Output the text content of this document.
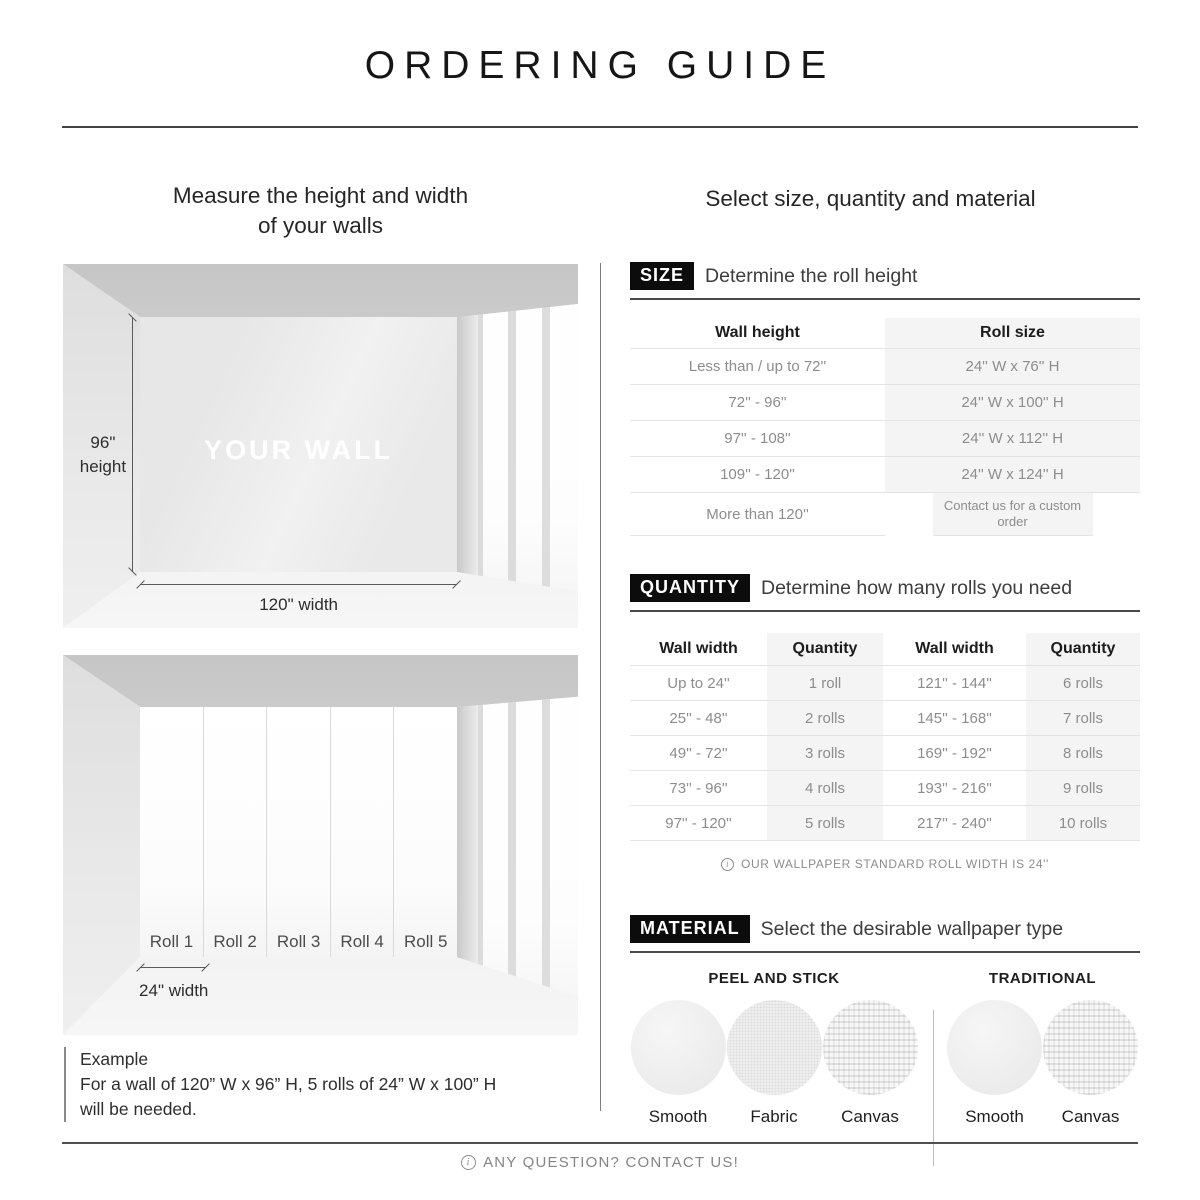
ORDERING GUIDE
Measure the height and width
of your walls
Select size, quantity and material
96"
height
YOUR WALL
120" width
Roll 1	Roll 2	Roll 3	Roll 4	Roll 5
24" width
Example
For a wall of 120” W x 96” H, 5 rolls of 24” W x 100” H
will be needed.
SIZE	Determine the roll height
Wall height	Roll size
Less than / up to 72''	24'' W x 76'' H
72'' - 96''	24'' W x 100'' H
97'' - 108''	24'' W x 112'' H
109'' - 120''	24'' W x 124'' H
More than 120''	Contact us for a custom order
QUANTITY	Determine how many rolls you need
Wall width	Quantity	Wall width	Quantity
Up to 24''	1 roll	121'' - 144''	6 rolls
25'' - 48''	2 rolls	145'' - 168''	7 rolls
49'' - 72''	3 rolls	169'' - 192''	8 rolls
73'' - 96''	4 rolls	193'' - 216''	9 rolls
97'' - 120''	5 rolls	217'' - 240''	10 rolls
i OUR WALLPAPER STANDARD ROLL WIDTH IS 24''
MATERIAL	Select the desirable wallpaper type
PEEL AND STICK
Smooth	Fabric	Canvas
TRADITIONAL
Smooth Canvas
i ANY QUESTION? CONTACT US!
